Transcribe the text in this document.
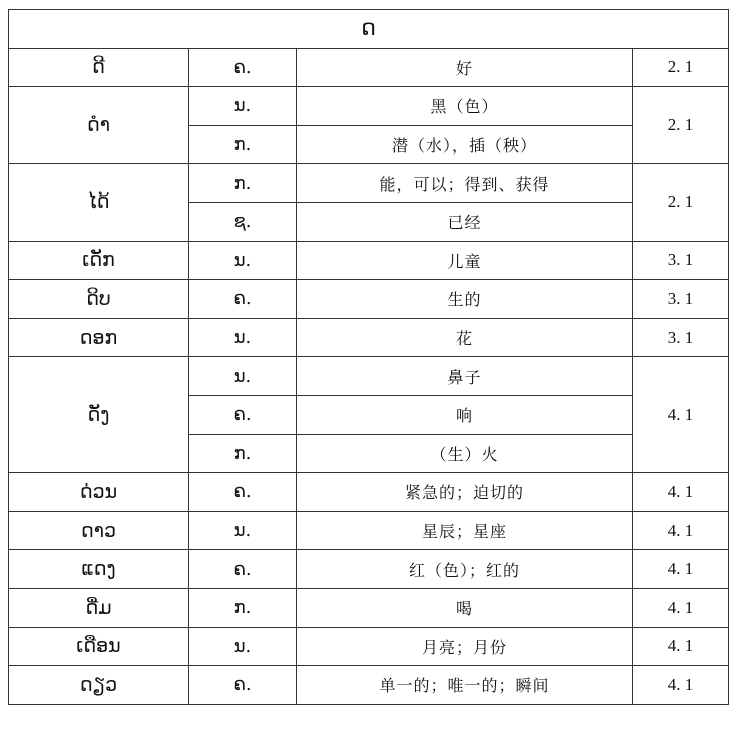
ດ			
ດີ	ຄ.	好	2. 1
ດຳ	ນ.	黑（色）	2. 1
	ກ.	潜（水），插（秧）	
ໄດ້	ກ.	能，可以；得到、获得	2. 1
	ຊ.	已经	
ເດັກ	ນ.	儿童	3. 1
ດິບ	ຄ.	生的	3. 1
ດອກ	ນ.	花	3. 1
ດັງ	ນ.	鼻子	4. 1
	ຄ.	响	
	ກ.	（生）火	
ດ່ວນ	ຄ.	紧急的；迫切的	4. 1
ດາວ	ນ.	星辰；星座	4. 1
ແດງ	ຄ.	红（色）；红的	4. 1
ດື່ມ	ກ.	喝	4. 1
ເດືອນ	ນ.	月亮；月份	4. 1
ດຽວ	ຄ.	单一的；唯一的；瞬间	4. 1
